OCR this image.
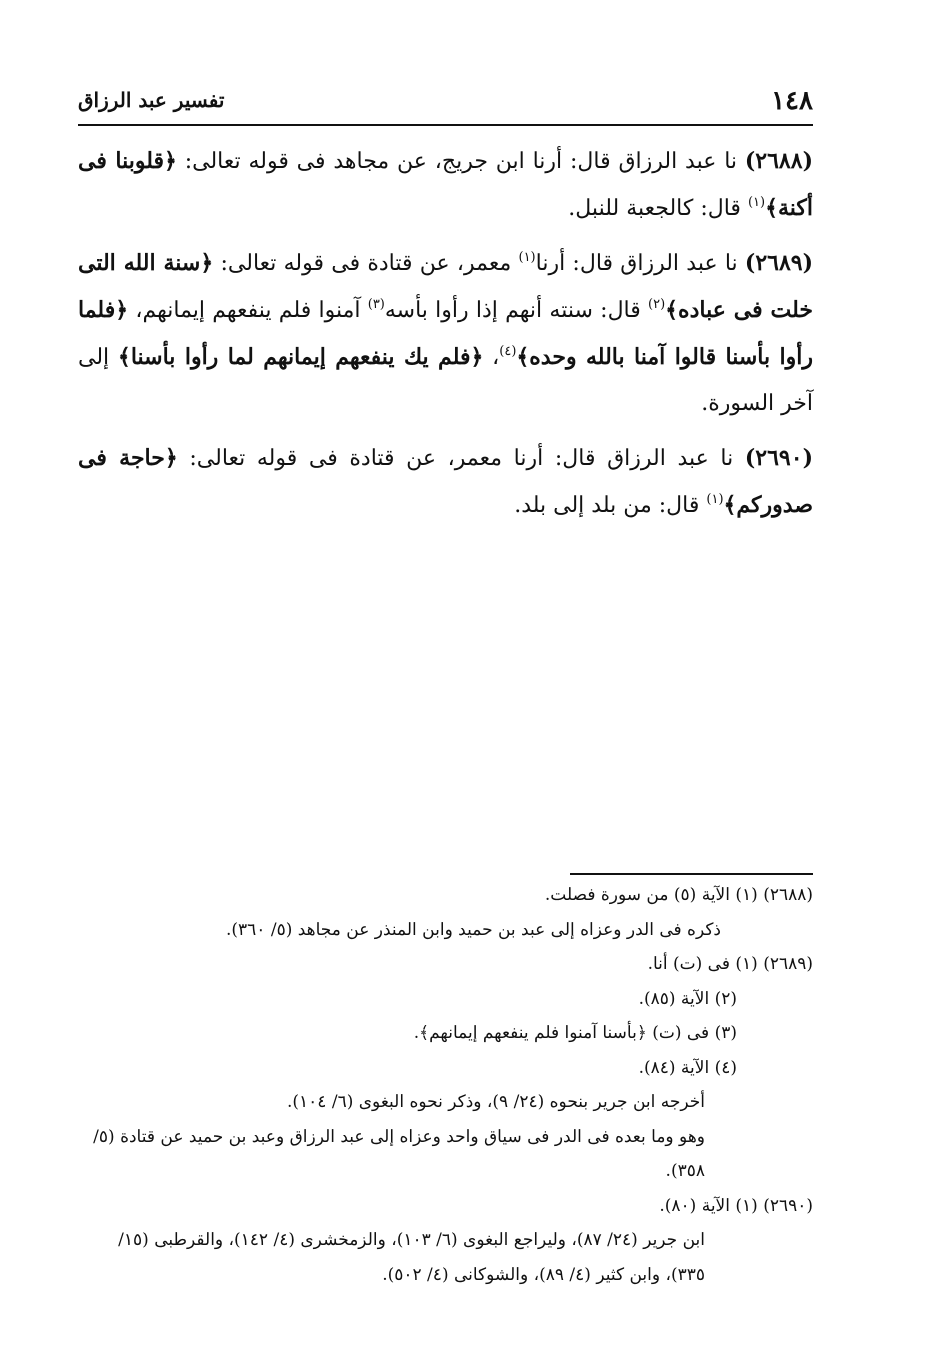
١٤٨
تفسير عبد الرزاق

(٢٦٨٨) نا عبد الرزاق قال: أرنا ابن جريج، عن مجاهد فى قوله تعالى: ﴿قلوبنا فى أكنة﴾$^{(١)}$ قال: كالجعبة للنبل.

(٢٦٨٩) نا عبد الرزاق قال: أرنا$^{(١)}$ معمر، عن قتادة فى قوله تعالى: ﴿سنة الله التى خلت فى عباده﴾$^{(٢)}$ قال: سنته أنهم إذا رأوا بأسه$^{(٣)}$ آمنوا فلم ينفعهم إيمانهم، ﴿فلما رأوا بأسنا قالوا آمنا بالله وحده﴾$^{(٤)}$، ﴿فلم يك ينفعهم إيمانهم لما رأوا بأسنا﴾ إلى آخر السورة.

(٢٦٩٠) نا عبد الرزاق قال: أرنا معمر، عن قتادة فى قوله تعالى: ﴿حاجة فى صدوركم﴾$^{(١)}$ قال: من بلد إلى بلد.

(٢٦٨٨) (١) الآية (٥) من سورة فصلت.

ذكره فى الدر وعزاه إلى عبد بن حميد وابن المنذر عن مجاهد (٥/ ٣٦٠).

(٢٦٨٩) (١) فى (ت) أنا.

(٢) الآية (٨٥).

(٣) فى (ت) ﴿بأسنا آمنوا فلم ينفعهم إيمانهم﴾.

(٤) الآية (٨٤).

أخرجه ابن جرير بنحوه (٢٤/ ٩)، وذكر نحوه البغوى (٦/ ١٠٤).

وهو وما بعده فى الدر فى سياق واحد وعزاه إلى عبد الرزاق وعبد بن حميد عن قتادة (٥/ ٣٥٨).

(٢٦٩٠) (١) الآية (٨٠).

ابن جرير (٢٤/ ٨٧)، وليراجع البغوى (٦/ ١٠٣)، والزمخشرى (٤/ ١٤٢)، والقرطبى (١٥/ ٣٣٥)، وابن كثير (٤/ ٨٩)، والشوكانى (٤/ ٥٠٢).
